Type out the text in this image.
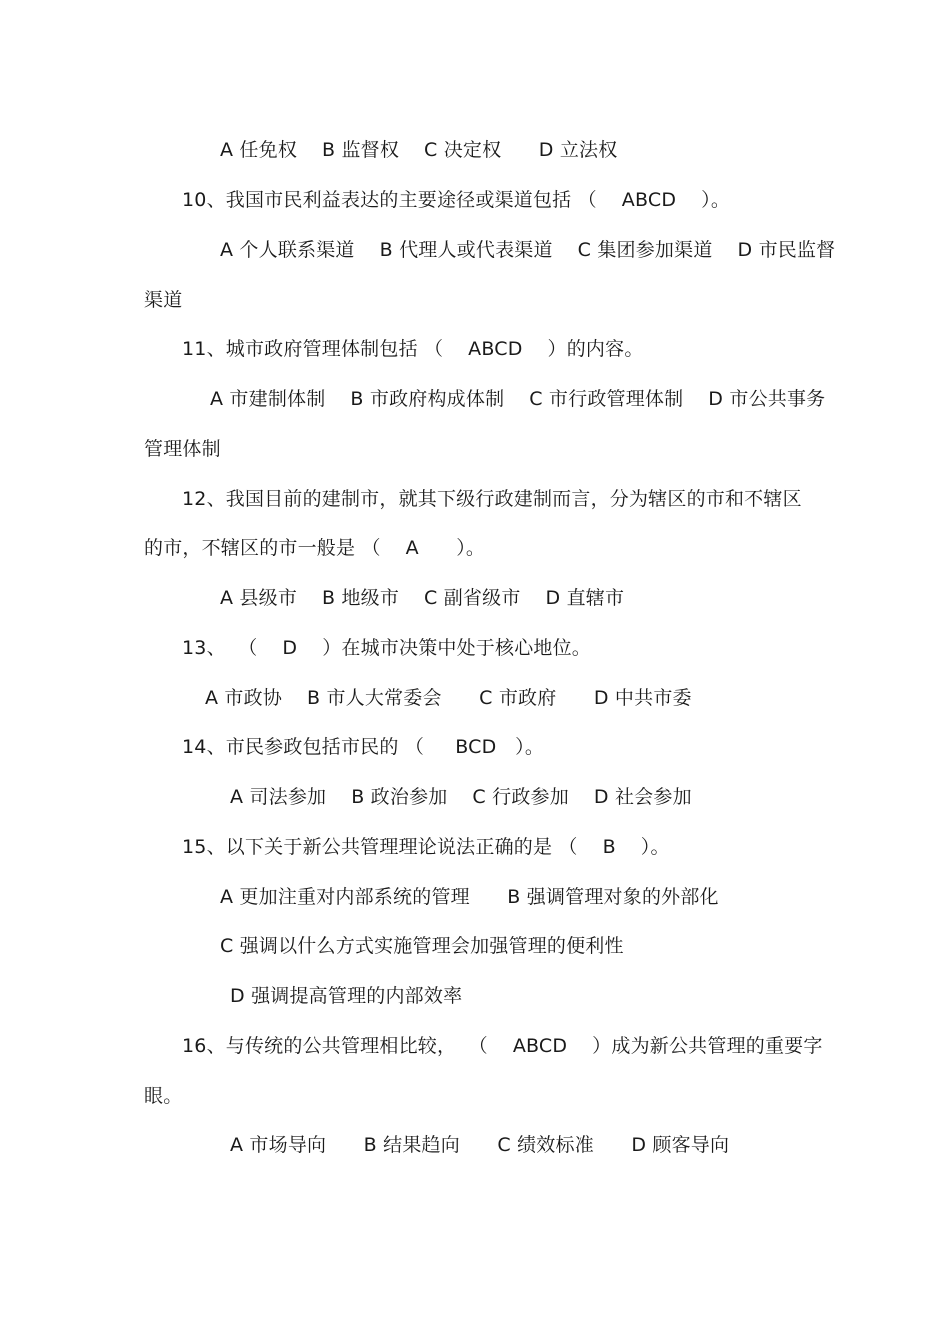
A 任免权    B 监督权    C 决定权      D 立法权
10、我国市民利益表达的主要途径或渠道包括 （    ABCD    ）。
A 个人联系渠道    B 代理人或代表渠道    C 集团参加渠道    D 市民监督
渠道
11、城市政府管理体制包括 （    ABCD    ）的内容。
A 市建制体制    B 市政府构成体制    C 市行政管理体制    D 市公共事务
管理体制
12、我国目前的建制市，就其下级行政建制而言，分为辖区的市和不辖区
的市，不辖区的市一般是 （    A      ）。
A 县级市    B 地级市    C 副省级市    D 直辖市
13、  （    D    ）在城市决策中处于核心地位。
A 市政协    B 市人大常委会      C 市政府      D 中共市委
14、市民参政包括市民的 （     BCD   ）。
A 司法参加    B 政治参加    C 行政参加    D 社会参加
15、以下关于新公共管理理论说法正确的是 （    B    ）。
A 更加注重对内部系统的管理      B 强调管理对象的外部化
C 强调以什么方式实施管理会加强管理的便利性
D 强调提高管理的内部效率
16、与传统的公共管理相比较，  （    ABCD    ）成为新公共管理的重要字
眼。
A 市场导向      B 结果趋向      C 绩效标准      D 顾客导向
